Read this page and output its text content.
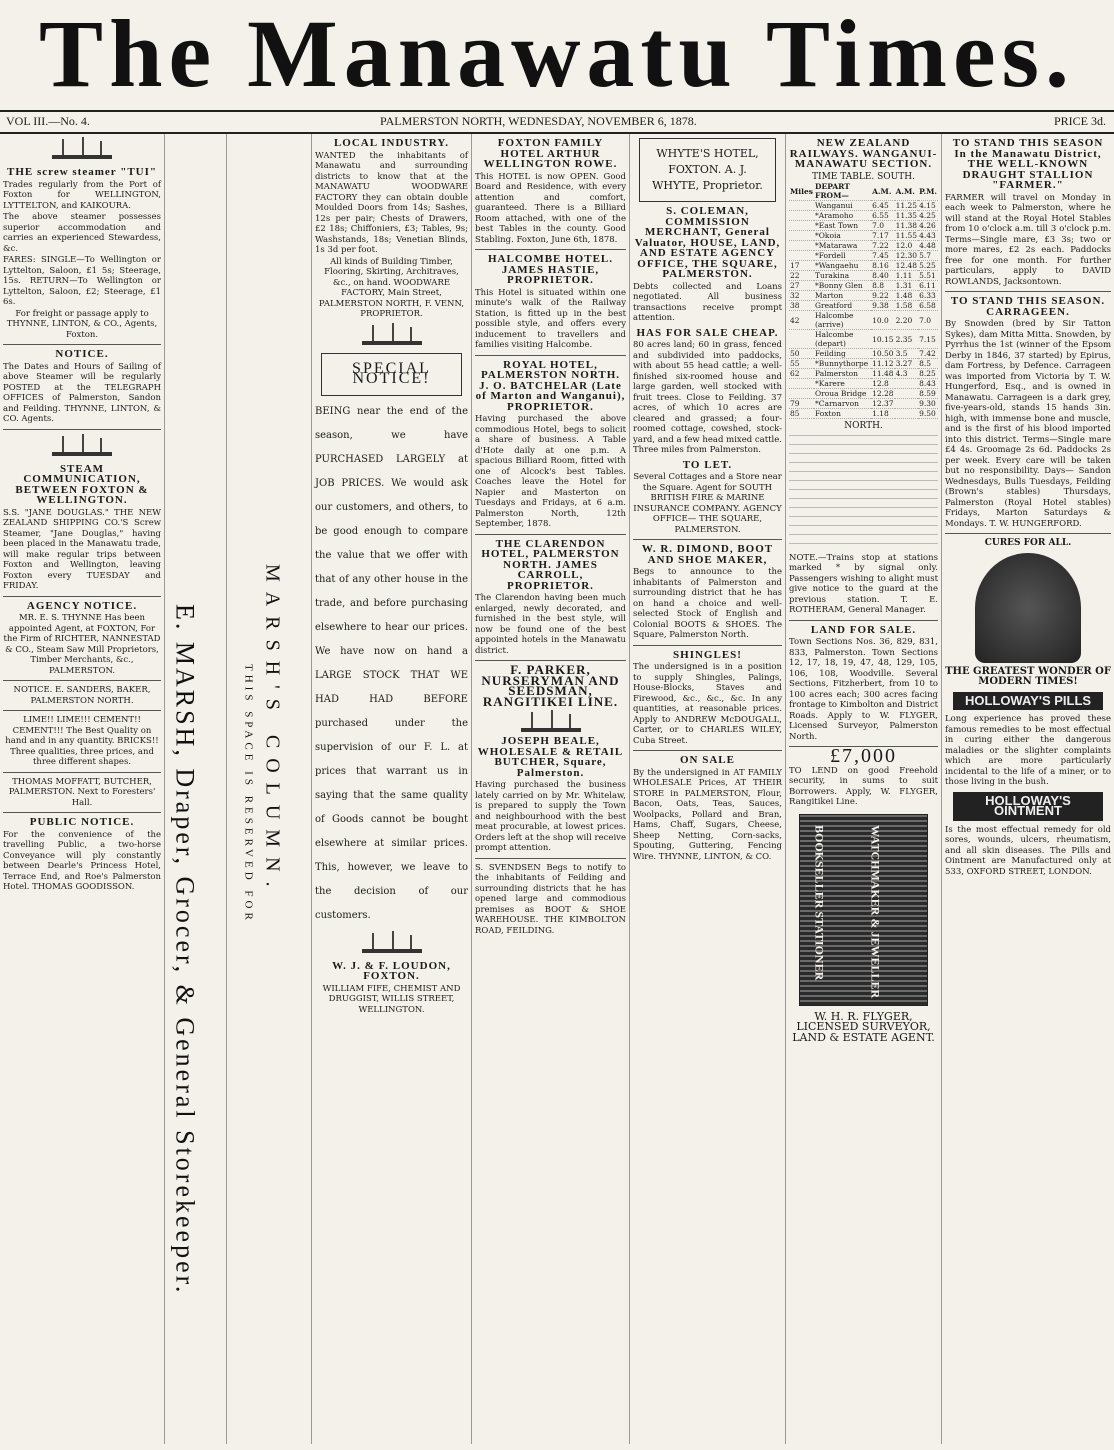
The Manawatu Times.
VOL III.—No. 4.	PALMERSTON NORTH, WEDNESDAY, NOVEMBER 6, 1878.	PRICE 3d.
THE screw steamer "TUI"

Trades regularly from the Port of Foxton for WELLINGTON, LYTTELTON, and KAIKOURA.

The above steamer possesses superior accommodation and carries an experienced Stewardess, &c.

FARES: SINGLE—To Wellington or Lyttelton, Saloon, £1 5s; Steerage, 15s. RETURN—To Wellington or Lyttelton, Saloon, £2; Steerage, £1 6s.

For freight or passage apply to THYNNE, LINTON, & CO., Agents, Foxton.

NOTICE.

The Dates and Hours of Sailing of above Steamer will be regularly POSTED at the TELEGRAPH OFFICES of Palmerston, Sandon and Feilding. THYNNE, LINTON, & CO. Agents.

STEAM COMMUNICATION, BETWEEN FOXTON & WELLINGTON.

S.S. "JANE DOUGLAS." THE NEW ZEALAND SHIPPING CO.'S Screw Steamer, "Jane Douglas," having been placed in the Manawatu trade, will make regular trips between Foxton and Wellington, leaving Foxton every TUESDAY and FRIDAY.

AGENCY NOTICE.

MR. E. S. THYNNE Has been appointed Agent, at FOXTON, For the Firm of RICHTER, NANNESTAD & CO., Steam Saw Mill Proprietors, Timber Merchants, &c., PALMERSTON.

NOTICE. E. SANDERS, BAKER, PALMERSTON NORTH.

LIME!! LIME!!! CEMENT!! CEMENT!!! The Best Quality on hand and in any quantity. BRICKS!! Three qualities, three prices, and three different shapes.

THOMAS MOFFATT, BUTCHER, PALMERSTON. Next to Foresters' Hall.

PUBLIC NOTICE.

For the convenience of the travelling Public, a two-horse Conveyance will ply constantly between Dearle's Princess Hotel, Terrace End, and Roe's Palmerston Hotel. THOMAS GOODISSON.	E. MARSH, Draper, Grocer, & General Storekeeper.	MARSH'S COLUMN.
THIS SPACE IS RESERVED FOR
LOCAL INDUSTRY.

WANTED the inhabitants of Manawatu and surrounding districts to know that at the MANAWATU WOODWARE FACTORY they can obtain double Moulded Doors from 14s; Sashes, 12s per pair; Chests of Drawers, £2 18s; Chiffoniers, £3; Tables, 9s; Washstands, 18s; Venetian Blinds, 1s 3d per foot.

All kinds of Building Timber, Flooring, Skirting, Architraves, &c., on hand. WOODWARE FACTORY, Main Street, PALMERSTON NORTH, F. VENN, PROPRIETOR.

SPECIAL NOTICE!

BEING near the end of the season, we have PURCHASED LARGELY at JOB PRICES. We would ask our customers, and others, to be good enough to compare the value that we offer with that of any other house in the trade, and before purchasing elsewhere to hear our prices. We have now on hand a LARGE STOCK THAT WE HAD HAD BEFORE purchased under the supervision of our F. L. at prices that warrant us in saying that the same quality of Goods cannot be bought elsewhere at similar prices. This, however, we leave to the decision of our customers.

W. J. & F. LOUDON, FOXTON.

WILLIAM FIFE, CHEMIST AND DRUGGIST, WILLIS STREET, WELLINGTON.

FOXTON FAMILY HOTEL ARTHUR WELLINGTON ROWE.

This HOTEL is now OPEN. Good Board and Residence, with every attention and comfort, guaranteed. There is a Billiard Room attached, with one of the best Tables in the county. Good Stabling. Foxton, June 6th, 1878.

HALCOMBE HOTEL. JAMES HASTIE, PROPRIETOR.

This Hotel is situated within one minute's walk of the Railway Station, is fitted up in the best possible style, and offers every inducement to travellers and families visiting Halcombe.

ROYAL HOTEL, PALMERSTON NORTH. J. O. BATCHELAR (Late of Marton and Wanganui), PROPRIETOR.

Having purchased the above commodious Hotel, begs to solicit a share of business. A Table d'Hote daily at one p.m. A spacious Billiard Room, fitted with one of Alcock's best Tables. Coaches leave the Hotel for Napier and Masterton on Tuesdays and Fridays, at 6 a.m. Palmerston North, 12th September, 1878.

THE CLARENDON HOTEL, PALMERSTON NORTH. JAMES CARROLL, PROPRIETOR.

The Clarendon having been much enlarged, newly decorated, and furnished in the best style, will now be found one of the best appointed hotels in the Manawatu district.

F. PARKER, NURSERYMAN AND SEEDSMAN, RANGITIKEI LINE.
JOSEPH BEALE, WHOLESALE & RETAIL BUTCHER, Square, Palmerston.

Having purchased the business lately carried on by Mr. Whitelaw, is prepared to supply the Town and neighbourhood with the best meat procurable, at lowest prices. Orders left at the shop will receive prompt attention.

S. SVENDSEN Begs to notify to the inhabitants of Feilding and surrounding districts that he has opened large and commodious premises as BOOT & SHOE WAREHOUSE. THE KIMBOLTON ROAD, FEILDING.

WHYTE'S HOTEL, FOXTON. A. J. WHYTE, Proprietor.

S. COLEMAN, COMMISSION MERCHANT, General Valuator, HOUSE, LAND, AND ESTATE AGENCY OFFICE, THE SQUARE, PALMERSTON.

Debts collected and Loans negotiated. All business transactions receive prompt attention.

HAS FOR SALE CHEAP.

80 acres land; 60 in grass, fenced and subdivided into paddocks, with about 55 head cattle; a well-finished six-roomed house and large garden, well stocked with fruit trees. Close to Feilding. 37 acres, of which 10 acres are cleared and grassed; a four-roomed cottage, cowshed, stock-yard, and a few head mixed cattle. Three miles from Palmerston.

TO LET.

Several Cottages and a Store near the Square. Agent for SOUTH BRITISH FIRE & MARINE INSURANCE COMPANY. AGENCY OFFICE— THE SQUARE, PALMERSTON.

W. R. DIMOND, BOOT AND SHOE MAKER,

Begs to announce to the inhabitants of Palmerston and surrounding district that he has on hand a choice and well-selected Stock of English and Colonial BOOTS & SHOES. The Square, Palmerston North.

SHINGLES!

The undersigned is in a position to supply Shingles, Palings, House-Blocks, Staves and Firewood, &c., &c., &c. In any quantities, at reasonable prices. Apply to ANDREW McDOUGALL, Carter, or to CHARLES WILEY, Cuba Street.

ON SALE

By the undersigned in AT FAMILY WHOLESALE Prices, AT THEIR STORE in PALMERSTON, Flour, Bacon, Oats, Teas, Sauces, Woolpacks, Pollard and Bran, Hams, Chaff, Sugars, Cheese, Sheep Netting, Corn-sacks, Spouting, Guttering, Fencing Wire. THYNNE, LINTON, & CO.

NEW ZEALAND RAILWAYS. WANGANUI-MANAWATU SECTION.
TIME TABLE. SOUTH.
Miles	DEPART FROM—	A.M.	A.M.	P.M.
	Wanganui	6.45	11.25	4.15
	*Aramoho	6.55	11.35	4.25
	*East Town	7.0	11.38	4.26
	*Okoia	7.17	11.55	4.43
	*Matarawa	7.22	12.0	4.48
	*Fordell	7.45	12.30	5.7
17	*Wangaehu	8.16	12.48	5.25
22	Turakina	8.40	1.11	5.51
27	*Bonny Glen	8.8	1.31	6.11
32	Marton	9.22	1.48	6.33
38	Greatford	9.38	1.58	6.58
42	Halcombe (arrive)	10.0	2.20	7.0
	Halcombe (depart)	10.15	2.35	7.15
50	Feilding	10.50	3.5	7.42
55	*Bunnythorpe	11.12	3.27	8.5
62	Palmerston	11.48	4.3	8.25
	*Karere	12.8		8.43
	Oroua Bridge	12.28		8.59
79	*Carnarvon	12.37		9.30
85	Foxton	1.18		9.50
NORTH.

NOTE.—Trains stop at stations marked * by signal only. Passengers wishing to alight must give notice to the guard at the previous station. T. E. ROTHERAM, General Manager.

LAND FOR SALE.

Town Sections Nos. 36, 829, 831, 833, Palmerston. Town Sections 12, 17, 18, 19, 47, 48, 129, 105, 106, 108, Woodville. Several Sections, Fitzherbert, from 10 to 100 acres each; 300 acres facing frontage to Kimbolton and District Roads. Apply to W. FLYGER, Licensed Surveyor, Palmerston North.

£7,000

TO LEND on good Freehold security, in sums to suit Borrowers. Apply, W. FLYGER, Rangitikei Line.

BOOKSELLER STATIONER	WATCHMAKER & JEWELLER

W. H. R. FLYGER, LICENSED SURVEYOR, LAND & ESTATE AGENT.

TO STAND THIS SEASON In the Manawatu District, THE WELL-KNOWN DRAUGHT STALLION "FARMER."

FARMER will travel on Monday in each week to Palmerston, where he will stand at the Royal Hotel Stables from 10 o'clock a.m. till 3 o'clock p.m. Terms—Single mare, £3 3s; two or more mares, £2 2s each. Paddocks free for one month. For further particulars, apply to DAVID ROWLANDS, Jacksontown.

TO STAND THIS SEASON. CARRAGEEN.

By Snowden (bred by Sir Tatton Sykes), dam Mitta Mitta. Snowden, by Pyrrhus the 1st (winner of the Epsom Derby in 1846, 37 started) by Epirus, dam Fortress, by Defence. Carrageen was imported from Victoria by T. W. Hungerford, Esq., and is owned in Manawatu. Carrageen is a dark grey, five-years-old, stands 15 hands 3in. high, with immense bone and muscle, and is the first of his blood imported into this district. Terms—Single mare £4 4s. Groomage 2s 6d. Paddocks 2s per week. Every care will be taken but no responsibility. Days— Sandon Wednesdays, Bulls Tuesdays, Feilding (Brown's stables) Thursdays, Palmerston (Royal Hotel stables) Fridays, Marton Saturdays & Mondays. T. W. HUNGERFORD.

CURES FOR ALL.
THE GREATEST WONDER OF MODERN TIMES!
HOLLOWAY'S PILLS

Long experience has proved these famous remedies to be most effectual in curing either the dangerous maladies or the slighter complaints which are more particularly incidental to the life of a miner, or to those living in the bush.

HOLLOWAY'S OINTMENT

Is the most effectual remedy for old sores, wounds, ulcers, rheumatism, and all skin diseases. The Pills and Ointment are Manufactured only at 533, OXFORD STREET, LONDON.
